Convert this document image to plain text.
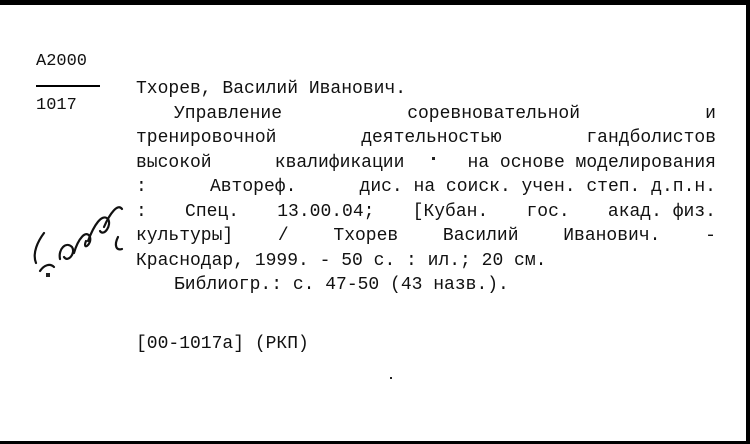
A2000
1017
Тхорев, Василий Иванович.
Управление	соревновательной	и
тренировочной	деятельностью	гандболистов
высокой	квалификации	на основе моделирования
:	Автореф.	дис. на соиск. учен. степ. д.п.н.
: Спец. 13.00.04; [Кубан. гос. акад. физ.
культуры] / Тхорев Василий Иванович. -
Краснодар, 1999. - 50 с. : ил.; 20 см.
Библиогр.: с. 47-50 (43 назв.).
[00-1017а] (РКП)
